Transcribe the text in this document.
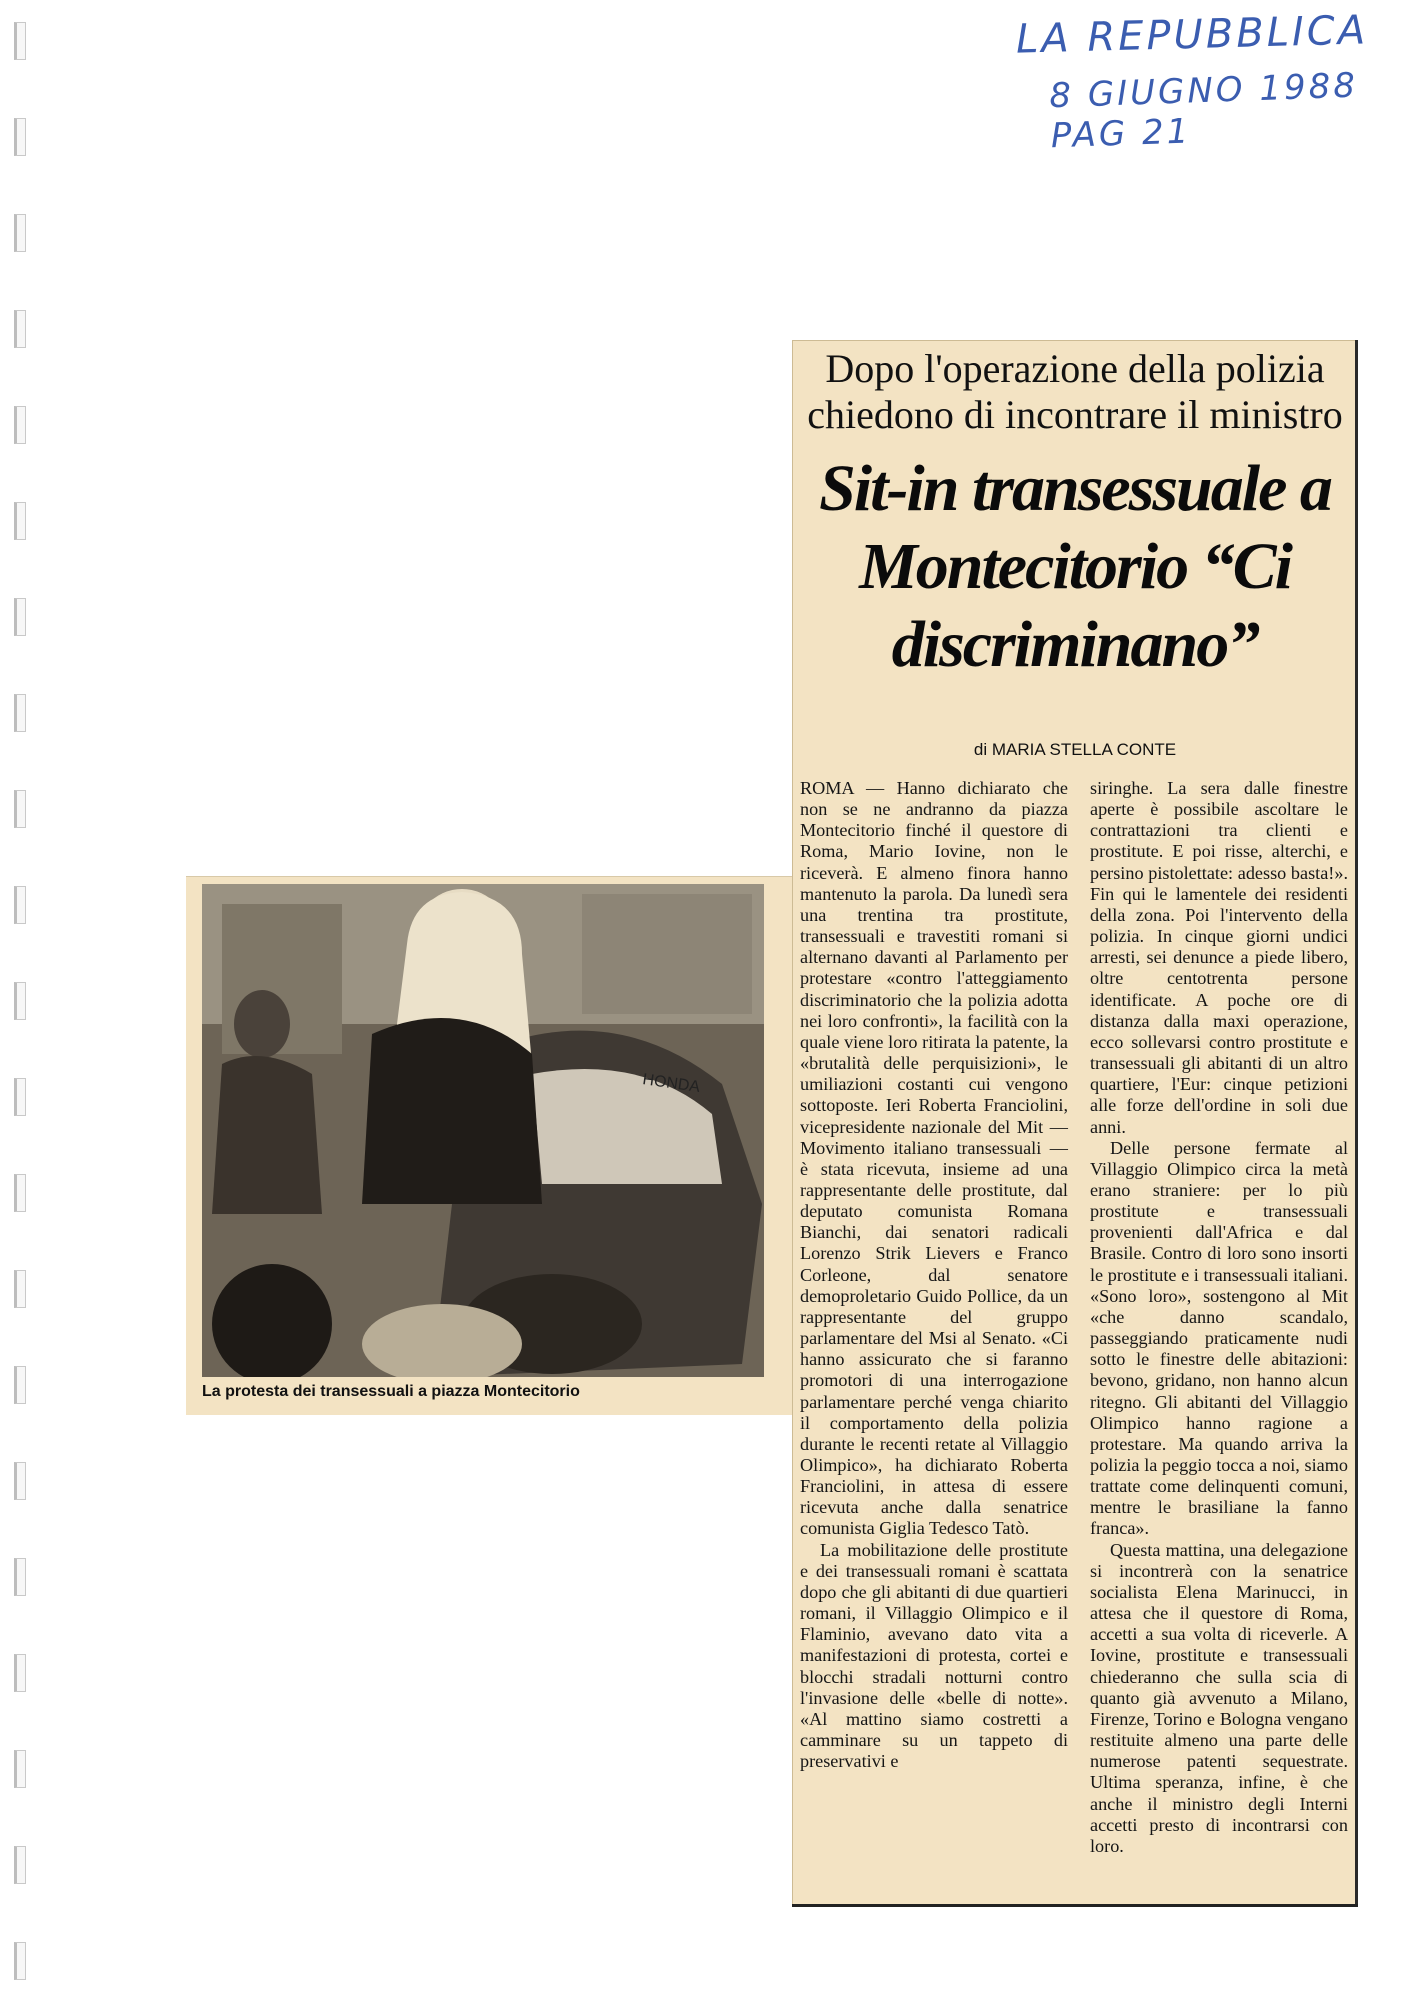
LA REPUBBLICA
8 GIUGNO 1988 PAG 21
Dopo l'operazione della polizia chiedono di incontrare il ministro
Sit-in transessuale a Montecitorio “Ci discriminano”
di MARIA STELLA CONTE

ROMA — Hanno dichiarato che non se ne andranno da piazza Montecitorio finché il questore di Roma, Mario Iovine, non le riceverà. E almeno finora hanno mantenuto la parola. Da lunedì sera una trentina tra prostitute, transessuali e travestiti romani si alternano davanti al Parlamento per protestare «contro l'atteggiamento discriminatorio che la polizia adotta nei loro confronti», la facilità con la quale viene loro ritirata la patente, la «brutalità delle perquisizioni», le umiliazioni costanti cui vengono sottoposte. Ieri Roberta Franciolini, vicepresidente nazionale del Mit — Movimento italiano transessuali — è stata ricevuta, insieme ad una rappresentante delle prostitute, dal deputato comunista Romana Bianchi, dai senatori radicali Lorenzo Strik Lievers e Franco Corleone, dal senatore demoproletario Guido Pollice, da un rappresentante del gruppo parlamentare del Msi al Senato. «Ci hanno assicurato che si faranno promotori di una interrogazione parlamentare perché venga chiarito il comportamento della polizia durante le recenti retate al Villaggio Olimpico», ha dichiarato Roberta Franciolini, in attesa di essere ricevuta anche dalla senatrice comunista Giglia Tedesco Tatò.

La mobilitazione delle prostitute e dei transessuali romani è scattata dopo che gli abitanti di due quartieri romani, il Villaggio Olimpico e il Flaminio, avevano dato vita a manifestazioni di protesta, cortei e blocchi stradali notturni contro l'invasione delle «belle di notte». «Al mattino siamo costretti a camminare su un tappeto di preservativi e

siringhe. La sera dalle finestre aperte è possibile ascoltare le contrattazioni tra clienti e prostitute. E poi risse, alterchi, e persino pistolettate: adesso basta!». Fin qui le lamentele dei residenti della zona. Poi l'intervento della polizia. In cinque giorni undici arresti, sei denunce a piede libero, oltre centotrenta persone identificate. A poche ore di distanza dalla maxi operazione, ecco sollevarsi contro prostitute e transessuali gli abitanti di un altro quartiere, l'Eur: cinque petizioni alle forze dell'ordine in soli due anni.

Delle persone fermate al Villaggio Olimpico circa la metà erano straniere: per lo più prostitute e transessuali provenienti dall'Africa e dal Brasile. Contro di loro sono insorti le prostitute e i transessuali italiani. «Sono loro», sostengono al Mit «che danno scandalo, passeggiando praticamente nudi sotto le finestre delle abitazioni: bevono, gridano, non hanno alcun ritegno. Gli abitanti del Villaggio Olimpico hanno ragione a protestare. Ma quando arriva la polizia la peggio tocca a noi, siamo trattate come delinquenti comuni, mentre le brasiliane la fanno franca».

Questa mattina, una delegazione si incontrerà con la senatrice socialista Elena Marinucci, in attesa che il questore di Roma, accetti a sua volta di riceverle. A Iovine, prostitute e transessuali chiederanno che sulla scia di quanto già avvenuto a Milano, Firenze, Torino e Bologna vengano restituite almeno una parte delle numerose patenti sequestrate. Ultima speranza, infine, è che anche il ministro degli Interni accetti presto di incontrarsi con loro.

HONDA
La protesta dei transessuali a piazza Montecitorio
